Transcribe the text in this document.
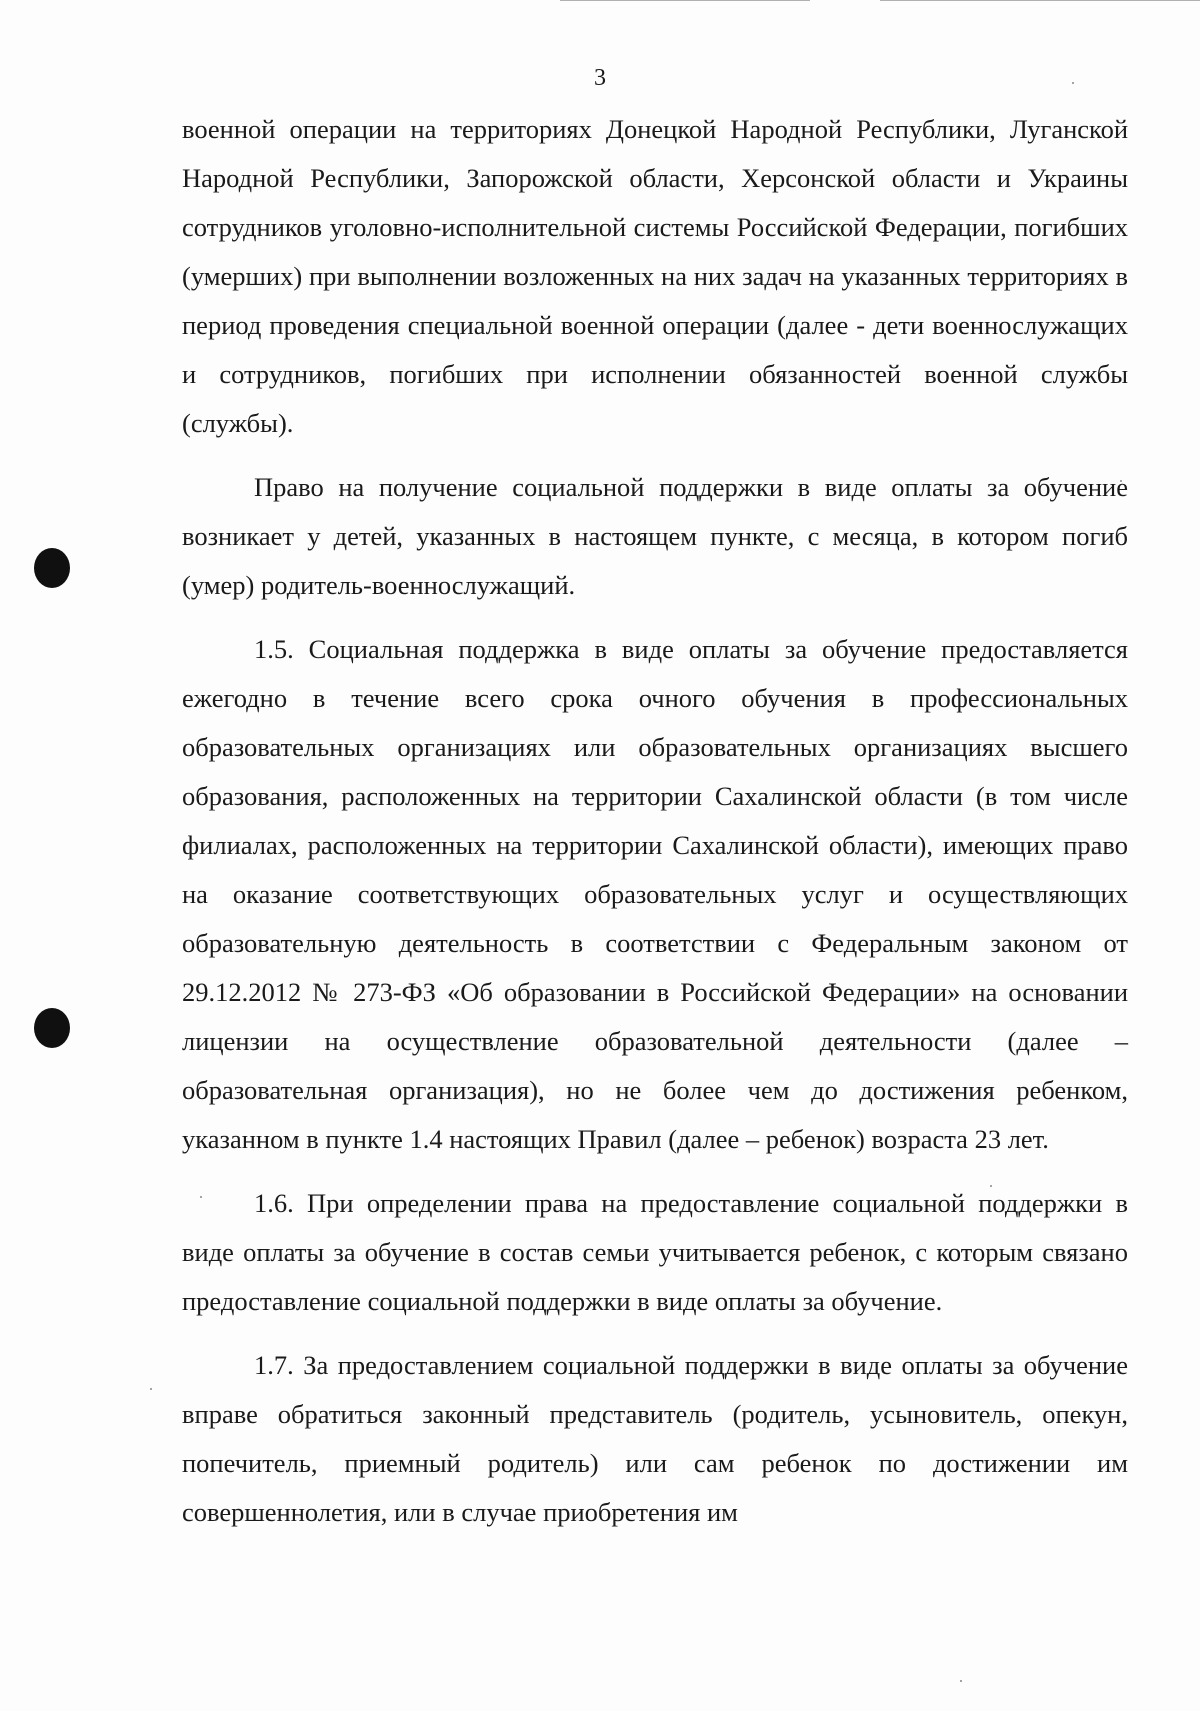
3

военной операции на территориях Донецкой Народной Республики, Луганской Народной Республики, Запорожской области, Херсонской области и Украины сотрудников уголовно-исполнительной системы Российской Федерации, погибших (умерших) при выполнении возложенных на них задач на указанных территориях в период проведения специальной военной операции (далее - дети военнослужащих и сотрудников, погибших при исполнении обязанностей военной службы (службы).

Право на получение социальной поддержки в виде оплаты за обучение возникает у детей, указанных в настоящем пункте, с месяца, в котором погиб (умер) родитель-военнослужащий.

1.5. Социальная поддержка в виде оплаты за обучение предоставляется ежегодно в течение всего срока очного обучения в профессиональных образовательных организациях или образовательных организациях высшего образования, расположенных на территории Сахалинской области (в том числе филиалах, расположенных на территории Сахалинской области), имеющих право на оказание соответствующих образовательных услуг и осуществляющих образовательную деятельность в соответствии с Федеральным законом от 29.12.2012 № 273-ФЗ «Об образовании в Российской Федерации» на основании лицензии на осуществление образовательной деятельности (далее – образовательная организация), но не более чем до достижения ребенком, указанном в пункте 1.4 настоящих Правил (далее – ребенок) возраста 23 лет.

1.6. При определении права на предоставление социальной поддержки в виде оплаты за обучение в состав семьи учитывается ребенок, с которым связано предоставление социальной поддержки в виде оплаты за обучение.

1.7. За предоставлением социальной поддержки в виде оплаты за обучение вправе обратиться законный представитель (родитель, усыновитель, опекун, попечитель, приемный родитель) или сам ребенок по достижении им совершеннолетия, или в случае приобретения им
